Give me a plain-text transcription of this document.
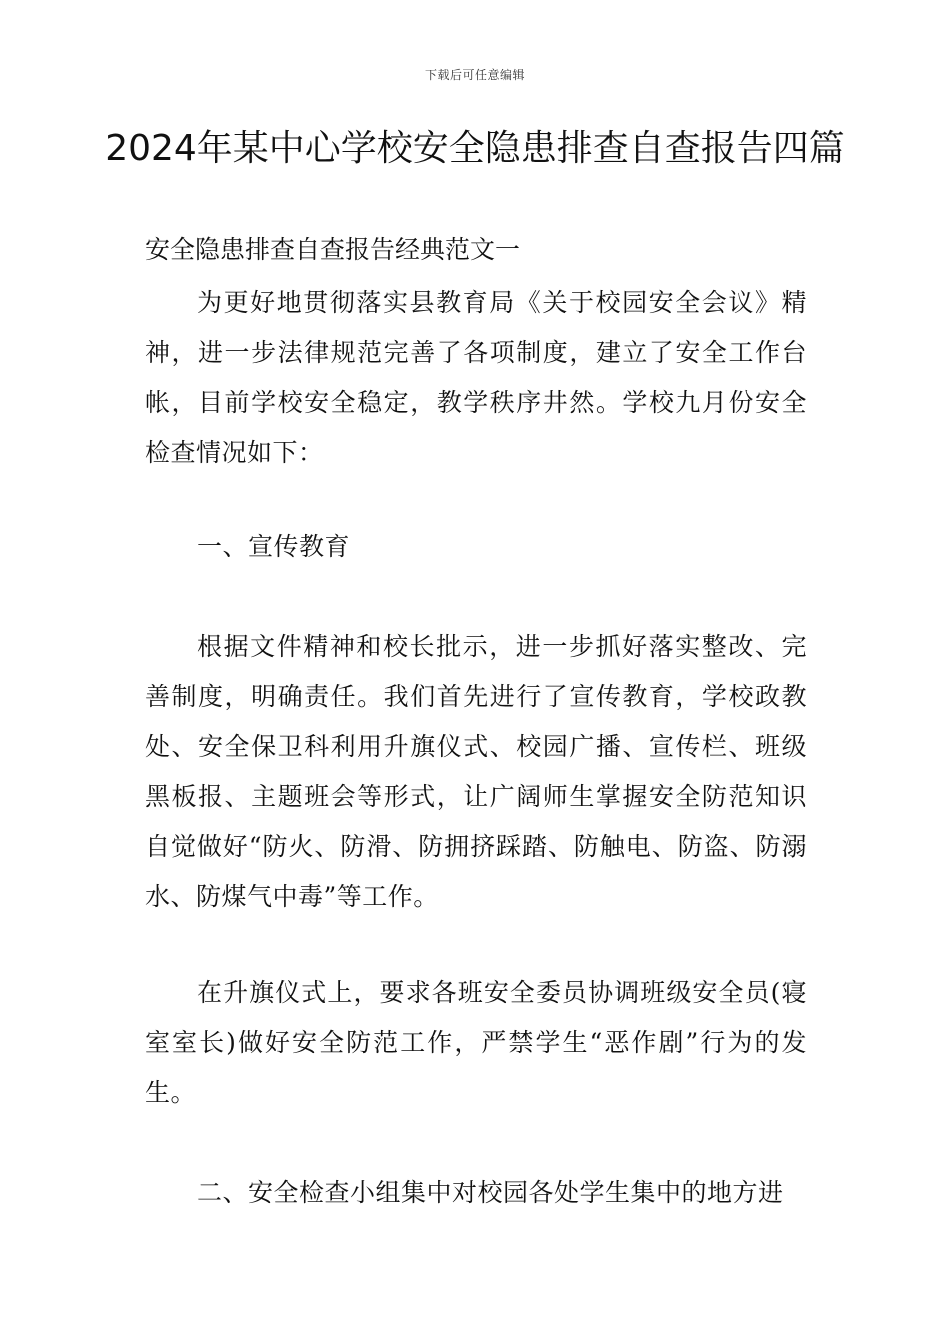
下载后可任意编辑
2024年某中心学校安全隐患排查自查报告四篇

安全隐患排查自查报告经典范文一

为更好地贯彻落实县教育局《关于校园安全会议》精神，进一步法律规范完善了各项制度，建立了安全工作台帐，目前学校安全稳定，教学秩序井然。学校九月份安全检查情况如下：

一、宣传教育

根据文件精神和校长批示，进一步抓好落实整改、完善制度，明确责任。我们首先进行了宣传教育，学校政教处、安全保卫科利用升旗仪式、校园广播、宣传栏、班级黑板报、主题班会等形式，让广阔师生掌握安全防范知识自觉做好“防火、防滑、防拥挤踩踏、防触电、防盗、防溺水、防煤气中毒”等工作。

在升旗仪式上，要求各班安全委员协调班级安全员(寝室室长)做好安全防范工作，严禁学生“恶作剧”行为的发生。

二、安全检查小组集中对校园各处学生集中的地方进
